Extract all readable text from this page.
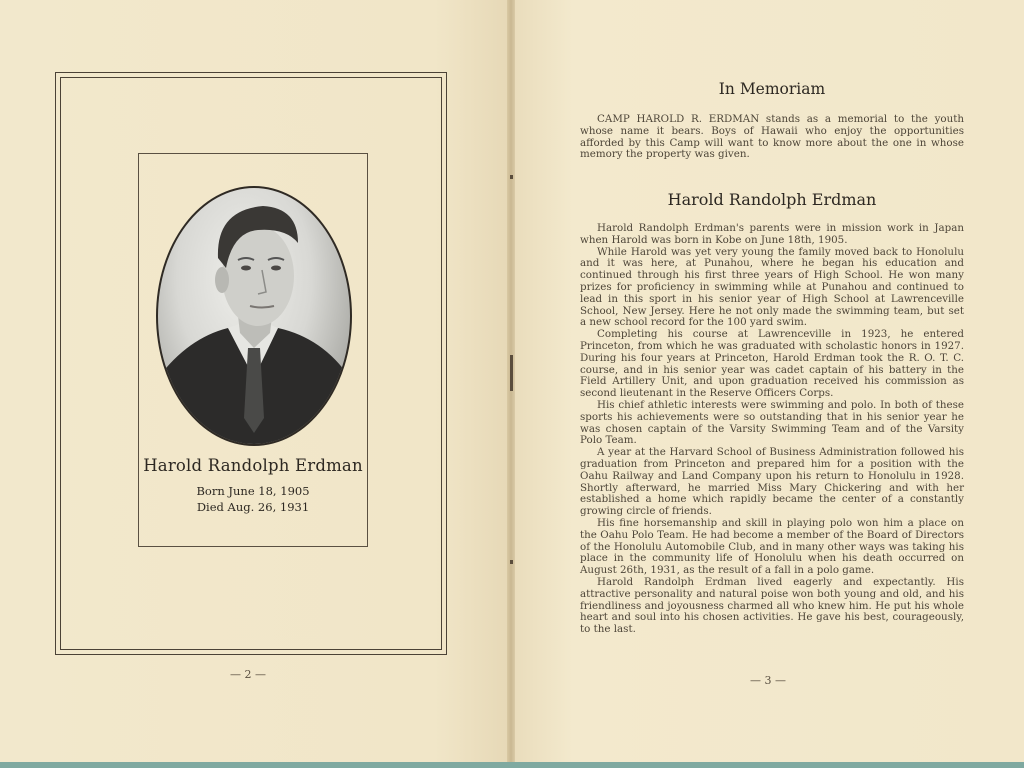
Harold Randolph Erdman
Born June 18, 1905
Died Aug. 26, 1931
— 2 —
In Memoriam

CAMP HAROLD R. ERDMAN stands as a memorial to the youth whose name it bears. Boys of Hawaii who enjoy the opportunities afforded by this Camp will want to know more about the one in whose memory the property was given.

Harold Randolph Erdman

Harold Randolph Erdman's parents were in mission work in Japan when Harold was born in Kobe on June 18th, 1905.

While Harold was yet very young the family moved back to Honolulu and it was here, at Punahou, where he began his education and continued through his first three years of High School. He won many prizes for proficiency in swimming while at Punahou and continued to lead in this sport in his senior year of High School at Lawrenceville School, New Jersey. Here he not only made the swimming team, but set a new school record for the 100 yard swim.

Completing his course at Lawrenceville in 1923, he entered Princeton, from which he was graduated with scholastic honors in 1927. During his four years at Princeton, Harold Erdman took the R. O. T. C. course, and in his senior year was cadet captain of his battery in the Field Artillery Unit, and upon graduation received his commission as second lieutenant in the Reserve Officers Corps.

His chief athletic interests were swimming and polo. In both of these sports his achievements were so outstanding that in his senior year he was chosen captain of the Varsity Swimming Team and of the Varsity Polo Team.

A year at the Harvard School of Business Administration followed his graduation from Princeton and prepared him for a position with the Oahu Railway and Land Company upon his return to Honolulu in 1928. Shortly afterward, he married Miss Mary Chickering and with her established a home which rapidly became the center of a constantly growing circle of friends.

His fine horsemanship and skill in playing polo won him a place on the Oahu Polo Team. He had become a member of the Board of Directors of the Honolulu Automobile Club, and in many other ways was taking his place in the community life of Honolulu when his death occurred on August 26th, 1931, as the result of a fall in a polo game.

Harold Randolph Erdman lived eagerly and expectantly. His attractive personality and natural poise won both young and old, and his friendliness and joyousness charmed all who knew him. He put his whole heart and soul into his chosen activities. He gave his best, courageously, to the last.

— 3 —
